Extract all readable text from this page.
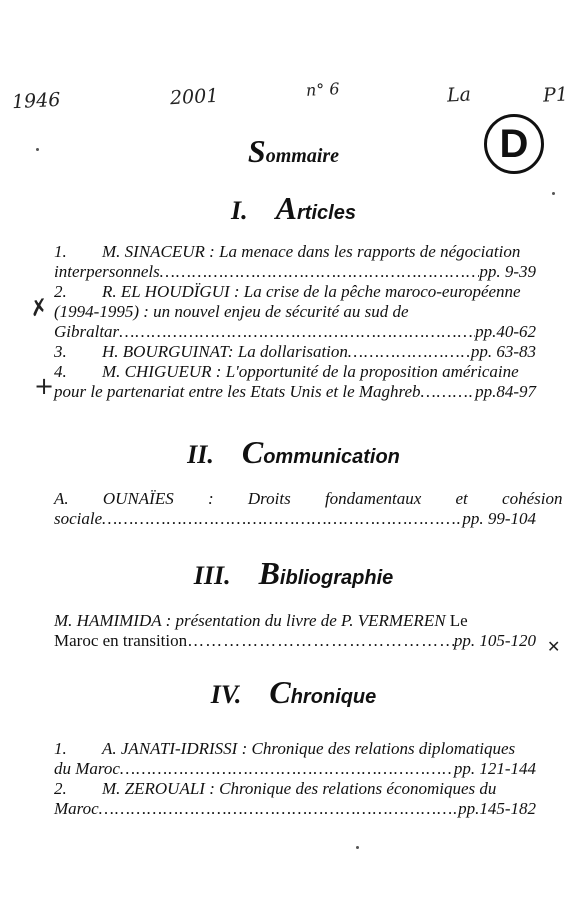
1946	2001	n° 6	La	P1
D
Sommaire
I. Articles
1.	M. SINACEUR : La menace dans les rapports de négociation
interpersonnels …………………………………………………………………………………………………………………………………………	pp. 9-39
2.	R. EL HOUDÏGUI : La crise de la pêche maroco-européenne
(1994-1995) : un nouvel enjeu de sécurité au sud de
Gibraltar …………………………………………………………………………………………………………………………………………	pp.40-62
3.	H. BOURGUINAT: La dollarisation …………………………………………………………………………………………………………………………………………	pp. 63-83
4.	M. CHIGUEUR : L'opportunité de la proposition américaine
pour le partenariat entre les Etats Unis et le Maghreb …………………………………………………………………………………………………………………………………………	pp.84-97
II. Communication
A. OUNAÏES : Droits fondamentaux et cohésion
sociale …………………………………………………………………………………………………………………………………………	pp. 99-104
III. Bibliographie
M. HAMIMIDA : présentation du livre de P. VERMEREN
Le
Maroc en transition …………………………………………………………………………………………………………………………………………	pp. 105-120
IV. Chronique
1.	A. JANATI-IDRISSI : Chronique des relations diplomatiques
du Maroc …………………………………………………………………………………………………………………………………………	pp. 121-144
2.	M. ZEROUALI : Chronique des relations économiques du
Maroc …………………………………………………………………………………………………………………………………………	pp.145-182
✗
+
✕
